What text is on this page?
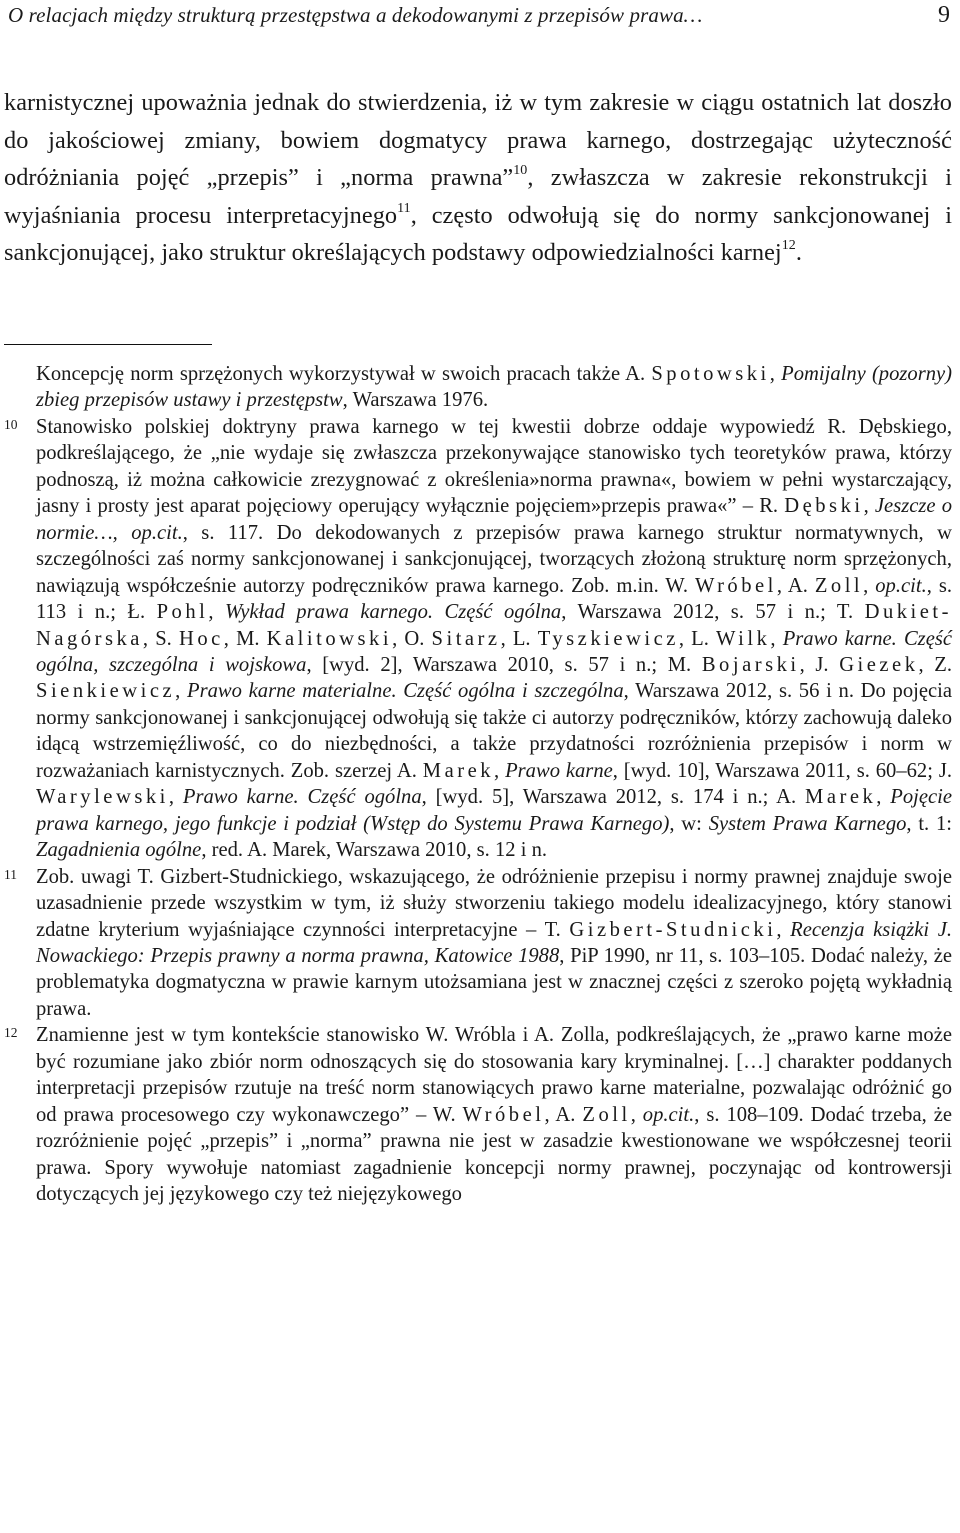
O relacjach między strukturą przestępstwa a dekodowanymi z przepisów prawa…	9
karnistycznej upoważnia jednak do stwierdzenia, iż w tym zakresie w ciągu ostatnich lat doszło do jakościowej zmiany, bowiem dogmatycy prawa karnego, dostrzegając użyteczność odróżniania pojęć „przepis” i „norma prawna”$^{10}$, zwłaszcza w zakresie rekonstrukcji i wyjaśniania procesu interpretacyjnego$^{11}$, często odwołują się do normy sankcjonowanej i sankcjonującej, jako struktur określających podstawy odpowiedzialności karnej$^{12}$.
Koncepcję norm sprzężonych wykorzystywał w swoich pracach także A. Spotowski, Pomijalny (pozorny) zbieg przepisów ustawy i przestępstw, Warszawa 1976.
10 Stanowisko polskiej doktryny prawa karnego w tej kwestii dobrze oddaje wypowiedź R. Dębskiego, podkreślającego, że „nie wydaje się zwłaszcza przekonywające stanowisko tych teoretyków prawa, którzy podnoszą, iż można całkowicie zrezygnować z określenia»norma prawna«, bowiem w pełni wystarczający, jasny i prosty jest aparat pojęciowy operujący wyłącznie pojęciem»przepis prawa«” – R. Dębski, Jeszcze o normie…, op.cit., s. 117. Do dekodowanych z przepisów prawa karnego struktur normatywnych, w szczególności zaś normy sankcjonowanej i sankcjonującej, tworzących złożoną strukturę norm sprzężonych, nawiązują współcześnie autorzy podręczników prawa karnego. Zob. m.in. W. Wróbel, A. Zoll, op.cit., s. 113 i n.; Ł. Pohl, Wykład prawa karnego. Część ogólna, Warszawa 2012, s. 57 i n.; T. Dukiet-Nagórska, S. Hoc, M. Kalitowski, O. Sitarz, L. Tyszkiewicz, L. Wilk, Prawo karne. Część ogólna, szczególna i wojskowa, [wyd. 2], Warszawa 2010, s. 57 i n.; M. Bojarski, J. Giezek, Z. Sienkiewicz, Prawo karne materialne. Część ogólna i szczególna, Warszawa 2012, s. 56 i n. Do pojęcia normy sankcjonowanej i sankcjonującej odwołują się także ci autorzy podręczników, którzy zachowują daleko idącą wstrzemięźliwość, co do niezbędności, a także przydatności rozróżnienia przepisów i norm w rozważaniach karnistycznych. Zob. szerzej A. Marek, Prawo karne, [wyd. 10], Warszawa 2011, s. 60–62; J. Warylewski, Prawo karne. Część ogólna, [wyd. 5], Warszawa 2012, s. 174 i n.; A. Marek, Pojęcie prawa karnego, jego funkcje i podział (Wstęp do Systemu Prawa Karnego), w: System Prawa Karnego, t. 1: Zagadnienia ogólne, red. A. Marek, Warszawa 2010, s. 12 i n.
11 Zob. uwagi T. Gizbert-Studnickiego, wskazującego, że odróżnienie przepisu i normy prawnej znajduje swoje uzasadnienie przede wszystkim w tym, iż służy stworzeniu takiego modelu idealizacyjnego, który stanowi zdatne kryterium wyjaśniające czynności interpretacyjne – T. Gizbert-Studnicki, Recenzja książki J. Nowackiego: Przepis prawny a norma prawna, Katowice 1988, PiP 1990, nr 11, s. 103–105. Dodać należy, że problematyka dogmatyczna w prawie karnym utożsamiana jest w znacznej części z szeroko pojętą wykładnią prawa.
12 Znamienne jest w tym kontekście stanowisko W. Wróbla i A. Zolla, podkreślających, że „prawo karne może być rozumiane jako zbiór norm odnoszących się do stosowania kary kryminalnej. […] charakter poddanych interpretacji przepisów rzutuje na treść norm stanowiących prawo karne materialne, pozwalając odróżnić go od prawa procesowego czy wykonawczego” – W. Wróbel, A. Zoll, op.cit., s. 108–109. Dodać trzeba, że rozróżnienie pojęć „przepis” i „norma” prawna nie jest w zasadzie kwestionowane we współczesnej teorii prawa. Spory wywołuje natomiast zagadnienie koncepcji normy prawnej, poczynając od kontrowersji dotyczących jej językowego czy też niejęzykowego
